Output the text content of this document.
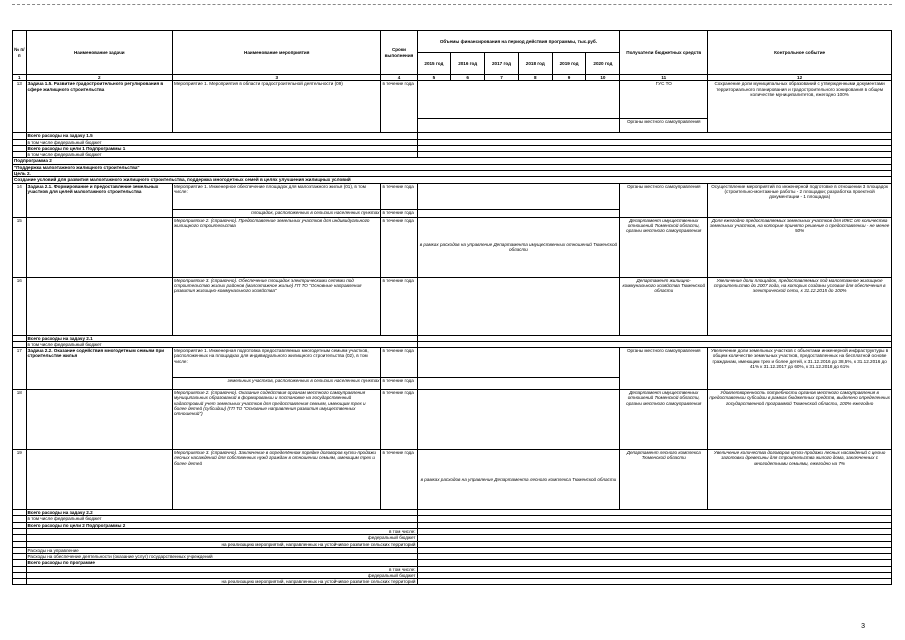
№ п/п	Наименование задачи	Наименование мероприятия	Сроки выполнения	Объемы финансирования на период действия программы, тыс.руб.						Получатели бюджетных средств	Контрольное событие
				2015 год	2016 год	2017 год	2018 год	2019 год	2020 год		
1	2	3	4	5	6	7	8	9	10	11	12
13	Задача 1.5. Развитие градостроительного регулирования в сфере жилищного строительства	Мероприятие 1. Мероприятия в области градостроительной деятельности (09)	в течение года							ГУС ТО	Сохранение доли муниципальных образований с утвержденными документами территориального планирования и градостроительного зонирования в общем количестве муниципалитетов, ежегодно 100%
										Органы местного самоуправления	
	Всего расходы на задачу 1.5										
	в том числе федеральный бюджет										
	Всего расходы по цели 1 Подпрограммы 1										
	в том числе федеральный бюджет										
Подпрограмма 2											
"Поддержка малоэтажного жилищного строительства"											
Цель 2.											
Создание условий для развития малоэтажного жилищного строительства, поддержка многодетных семей в целях улучшения жилищных условий											
14	Задача 2.1. Формирование и предоставление земельных участков для целей малоэтажного строительства	Мероприятие 1. Инженерное обеспечение площадок для малоэтажного жилья (01), в том числе:	в течение года							Органы местного самоуправления	Осуществление мероприятий по инженерной подготовке в отношении 3 площадок (строительно-монтажные работы - 2 площадки; разработка проектной документации - 1 площадка)
		площадок, расположенных в сельских населенных пунктах	в течение года								
15		Мероприятие 2. (справочно). Предоставление земельных участков для индивидуального жилищного строительства	в течение года	в рамках расходов на управление Департамента имущественных отношений Тюменской области						Департамент имущественных отношений Тюменской области, органы местного самоуправления	Доля ежегодно предоставляемых земельных участков для ИЖС от количества земельных участков, на которые принято решение о предоставлении - не менее 50%
16		Мероприятие 3. (справочно). Обеспечение площадок электрическими сетями под строительство жилых районов (малоэтажное жилье) ГП ТО "Основные направления развития жилищно-коммунального хозяйства"	в течение года							Департамент жилищно-коммунального хозяйства Тюменской области	Увеличение доли площадок, предоставляемых под малоэтажное жилищное строительство до 2007 года, на которых созданы условия для обеспечения в электрической сети, к 31.12.2015 до 100%
	Всего расходы на задачу 2.1										
	в том числе федеральный бюджет										
17	Задача 2.2. Оказание содействия многодетным семьям при строительстве жилья	Мероприятие 1. Инженерная подготовка предоставляемых многодетным семьям участков, расположенных на площадках для индивидуального жилищного строительства (02), в том числе:	в течение года							Органы местного самоуправления	Увеличение доли земельных участков с объектами инженерной инфраструктуры в общем количестве земельных участков, предоставленных на бесплатной основе гражданам, имеющим трех и более детей, к 31.12.2016 до 38,5%, к 31.12.2016 до 41% к 31.12.2017 до 60%, к 31.12.2018 до 61%
		земельных участков, расположенных в сельских населенных пунктах	в течение года								
18		Мероприятие 2. (справочно). Оказание содействия органам местного самоуправления муниципальных образований в формировании и постановке на государственный кадастровый учет земельных участков для предоставления семьям, имеющим трех и более детей (субсидии) (ГП ТО "Основные направления развития имущественных отношений")	в течение года							Департамент имущественных отношений Тюменской области, органы местного самоуправления	Удовлетворенность потребности органов местного самоуправления в предоставлении субсидии в рамках бюджетных средств, выделено определенных государственной программой Тюменской области, 100% ежегодно
19		Мероприятие 3. (справочно). Заключение в определённом порядке договоров купли-продажи лесных насаждений для собственных нужд граждан в отношении семьям, имеющим трех и более детей	в течение года	в рамках расходов на управление Департамента лесного комплекса Тюменской области						Департамент лесного комплекса Тюменской области	Увеличение количества договоров купли-продажи лесных насаждений с целью заготовки древесины для строительства жилого дома, заключенных с многодетными семьями, ежегодно на 7%
	Всего расходы на задачу 2.2										
	в том числе федеральный бюджет										
	Всего расходы по цели 2 Подпрограммы 2										
	в том числе:										
	федеральный бюджет										
	на реализацию мероприятий, направленных на устойчивое развитие сельских территорий										
	Расходы на управление										
	Расходы на обеспечение деятельности (оказание услуг) государственных учреждений										
	Всего расходы по программе										
	в том числе:										
	федеральный бюджет										
	на реализацию мероприятий, направленных на устойчивое развитие сельских территорий										
3
